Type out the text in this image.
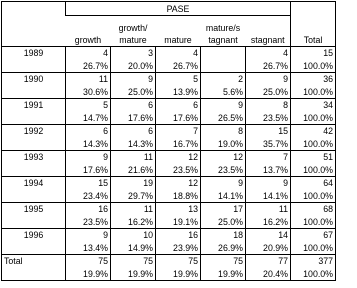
	PASE					
	growth	growth/ mature	mature	mature/s tagnant	stagnant	Total
1989	4	3	4		4	15
	26.7%	20.0%	26.7%		26.7%	100.0%
1990	11	9	5	2	9	36
	30.6%	25.0%	13.9%	5.6%	25.0%	100.0%
1991	5	6	6	9	8	34
	14.7%	17.6%	17.6%	26.5%	23.5%	100.0%
1992	6	6	7	8	15	42
	14.3%	14.3%	16.7%	19.0%	35.7%	100.0%
1993	9	11	12	12	7	51
	17.6%	21.6%	23.5%	23.5%	13.7%	100.0%
1994	15	19	12	9	9	64
	23.4%	29.7%	18.8%	14.1%	14.1%	100.0%
1995	16	11	13	17	11	68
	23.5%	16.2%	19.1%	25.0%	16.2%	100.0%
1996	9	10	16	18	14	67
	13.4%	14.9%	23.9%	26.9%	20.9%	100.0%
Total	75	75	75	75	77	377
	19.9%	19.9%	19.9%	19.9%	20.4%	100.0%
